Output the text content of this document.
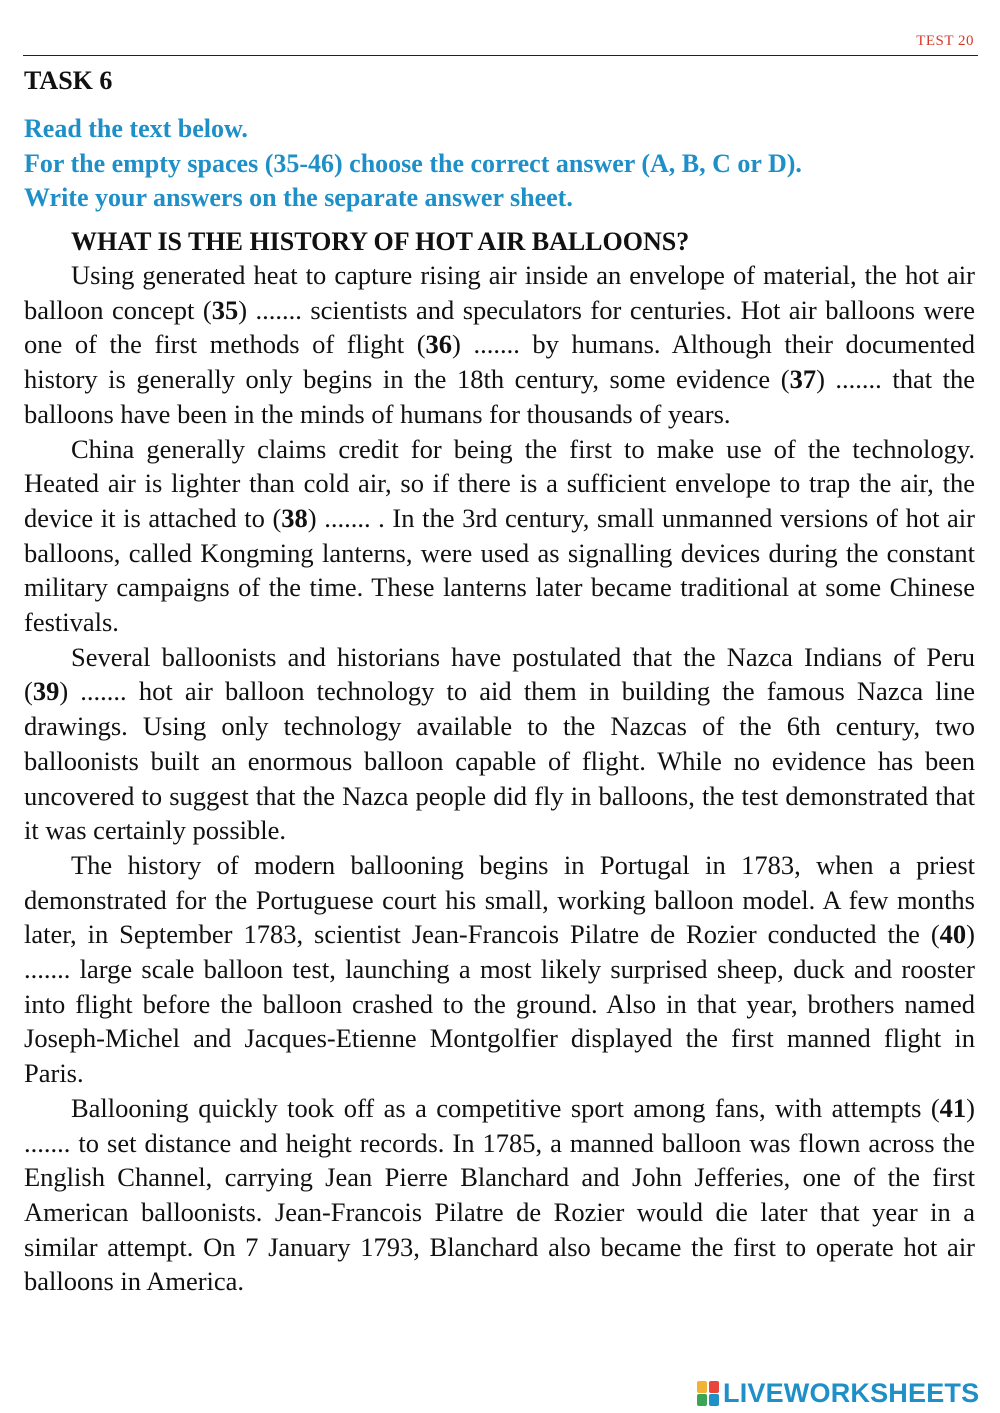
TEST 20
TASK 6
Read the text below.
For the empty spaces (35-46) choose the correct answer (A, B, C or D).
Write your answers on the separate answer sheet.
WHAT IS THE HISTORY OF HOT AIR BALLOONS?

Using generated heat to capture rising air inside an envelope of material, the hot air balloon concept (35) ....... scientists and speculators for centuries. Hot air balloons were one of the first methods of flight (36) ....... by humans. Although their documented history is generally only begins in the 18th century, some evidence (37) ....... that the balloons have been in the minds of humans for thousands of years.

China generally claims credit for being the first to make use of the technology. Heated air is lighter than cold air, so if there is a sufficient envelope to trap the air, the device it is attached to (38) ....... . In the 3rd century, small unmanned versions of hot air balloons, called Kongming lanterns, were used as signalling devices during the constant military campaigns of the time. These lanterns later became traditional at some Chinese festivals.

Several balloonists and historians have postulated that the Nazca Indians of Peru (39) ....... hot air balloon technology to aid them in building the famous Nazca line drawings. Using only technology available to the Nazcas of the 6th century, two balloonists built an enormous balloon capable of flight. While no evidence has been uncovered to suggest that the Nazca people did fly in balloons, the test demonstrated that it was certainly possible.

The history of modern ballooning begins in Portugal in 1783, when a priest demonstrated for the Portuguese court his small, working balloon model. A few months later, in September 1783, scientist Jean-Francois Pilatre de Rozier conducted the (40) ....... large scale balloon test, launching a most likely surprised sheep, duck and rooster into flight before the balloon crashed to the ground. Also in that year, brothers named Joseph-Michel and Jacques-Etienne Montgolfier displayed the first manned flight in Paris.

Ballooning quickly took off as a competitive sport among fans, with attempts (41) ....... to set distance and height records. In 1785, a manned balloon was flown across the English Channel, carrying Jean Pierre Blanchard and John Jefferies, one of the first American balloonists. Jean-Francois Pilatre de Rozier would die later that year in a similar attempt. On 7 January 1793, Blanchard also became the first to operate hot air balloons in America.

LIVEWORKSHEETS
